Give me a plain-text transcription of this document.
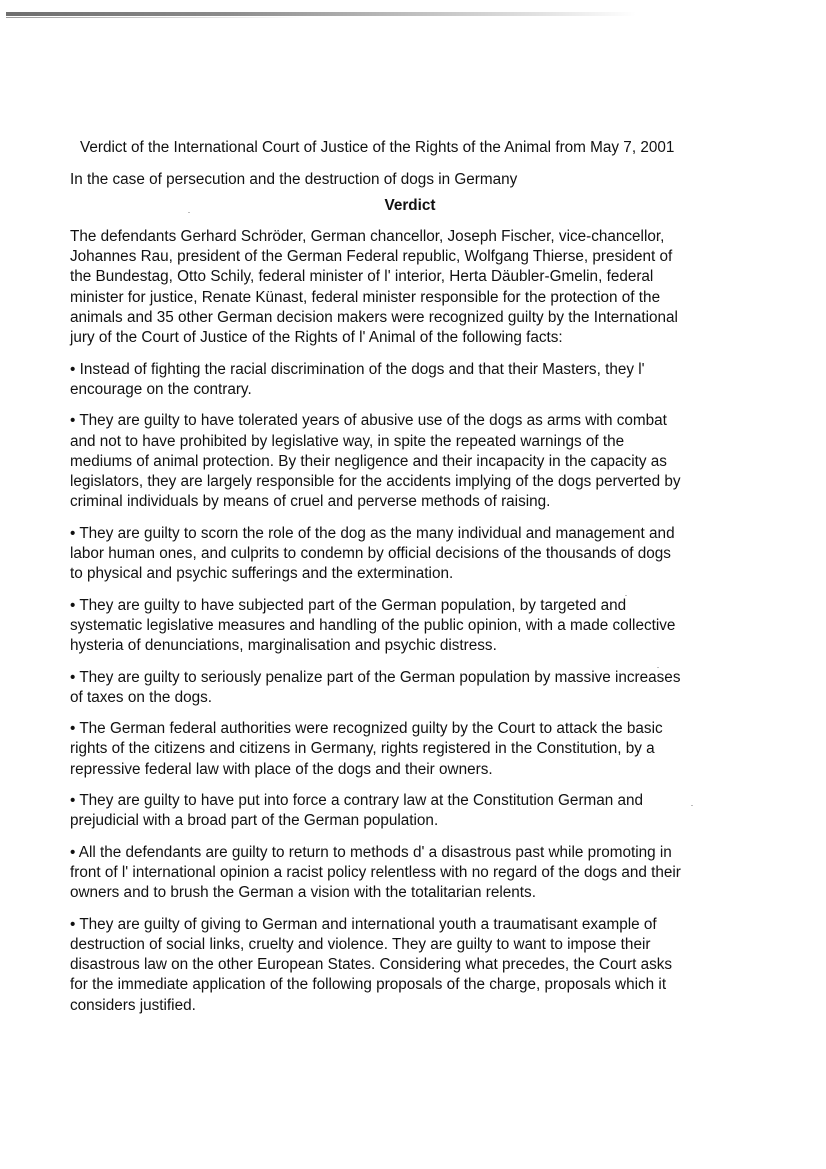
Verdict of the International Court of Justice of the Rights of the Animal from May 7, 2001

In the case of persecution and the destruction of dogs in Germany

Verdict

The defendants Gerhard Schröder, German chancellor, Joseph Fischer, vice-chancellor,

Johannes Rau, president of the German Federal republic, Wolfgang Thierse, president of

the Bundestag, Otto Schily, federal minister of l' interior, Herta Däubler-Gmelin, federal

minister for justice, Renate Künast, federal minister responsible for the protection of the

animals and 35 other German decision makers were recognized guilty by the International

jury of the Court of Justice of the Rights of l' Animal of the following facts:

• Instead of fighting the racial discrimination of the dogs and that their Masters, they l'

encourage on the contrary.

• They are guilty to have tolerated years of abusive use of the dogs as arms with combat

and not to have prohibited by legislative way, in spite the repeated warnings of the

mediums of animal protection. By their negligence and their incapacity in the capacity as

legislators, they are largely responsible for the accidents implying of the dogs perverted by

criminal individuals by means of cruel and perverse methods of raising.

• They are guilty to scorn the role of the dog as the many individual and management and

labor human ones, and culprits to condemn by official decisions of the thousands of dogs

to physical and psychic sufferings and the extermination.

• They are guilty to have subjected part of the German population, by targeted and

systematic legislative measures and handling of the public opinion, with a made collective

hysteria of denunciations, marginalisation and psychic distress.

• They are guilty to seriously penalize part of the German population by massive increases

of taxes on the dogs.

• The German federal authorities were recognized guilty by the Court to attack the basic

rights of the citizens and citizens in Germany, rights registered in the Constitution, by a

repressive federal law with place of the dogs and their owners.

• They are guilty to have put into force a contrary law at the Constitution German and

prejudicial with a broad part of the German population.

• All the defendants are guilty to return to methods d' a disastrous past while promoting in

front of l' international opinion a racist policy relentless with no regard of the dogs and their

owners and to brush the German a vision with the totalitarian relents.

• They are guilty of giving to German and international youth a traumatisant example of

destruction of social links, cruelty and violence. They are guilty to want to impose their

disastrous law on the other European States. Considering what precedes, the Court asks

for the immediate application of the following proposals of the charge, proposals which it

considers justified.
